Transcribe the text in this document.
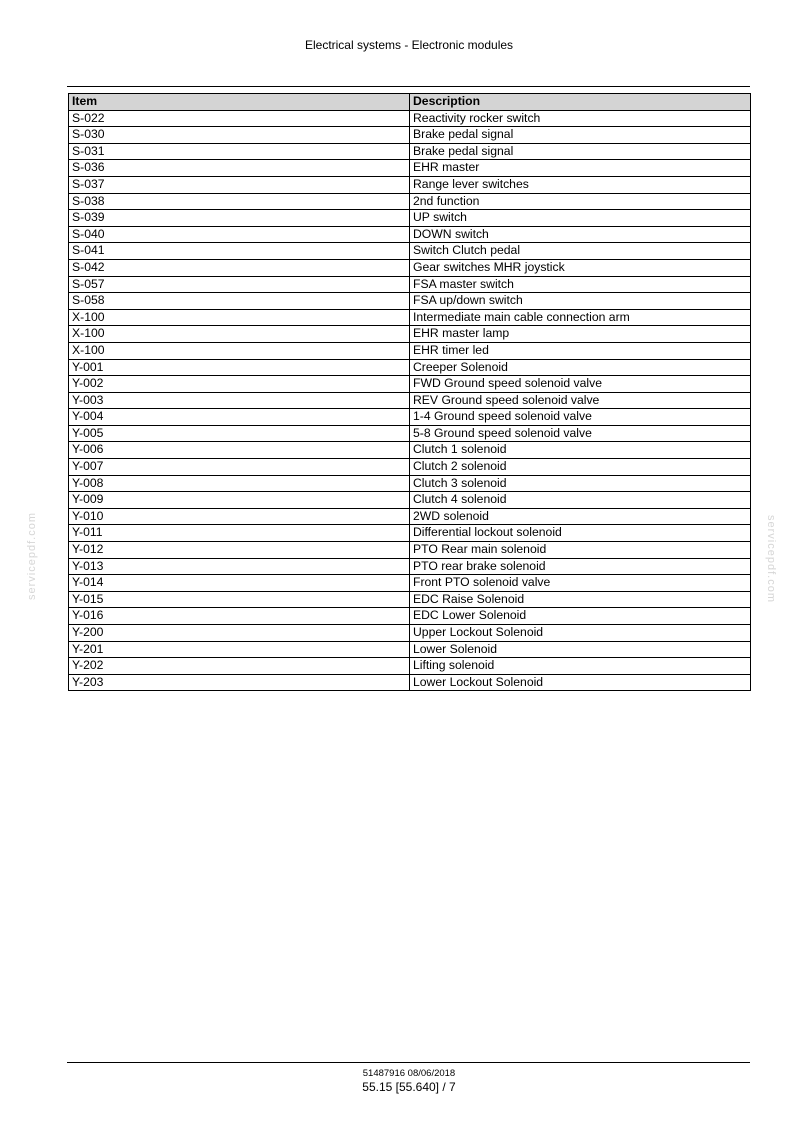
Electrical systems - Electronic modules
Item	Description
S-022	Reactivity rocker switch
S-030	Brake pedal signal
S-031	Brake pedal signal
S-036	EHR master
S-037	Range lever switches
S-038	2nd function
S-039	UP switch
S-040	DOWN switch
S-041	Switch Clutch pedal
S-042	Gear switches MHR joystick
S-057	FSA master switch
S-058	FSA up/down switch
X-100	Intermediate main cable connection arm
X-100	EHR master lamp
X-100	EHR timer led
Y-001	Creeper Solenoid
Y-002	FWD Ground speed solenoid valve
Y-003	REV Ground speed solenoid valve
Y-004	1-4 Ground speed solenoid valve
Y-005	5-8 Ground speed solenoid valve
Y-006	Clutch 1 solenoid
Y-007	Clutch 2 solenoid
Y-008	Clutch 3 solenoid
Y-009	Clutch 4 solenoid
Y-010	2WD solenoid
Y-011	Differential lockout solenoid
Y-012	PTO Rear main solenoid
Y-013	PTO rear brake solenoid
Y-014	Front PTO solenoid valve
Y-015	EDC Raise Solenoid
Y-016	EDC Lower Solenoid
Y-200	Upper Lockout Solenoid
Y-201	Lower Solenoid
Y-202	Lifting solenoid
Y-203	Lower Lockout Solenoid
servicepdf.com	servicepdf.com
51487916 08/06/2018
55.15 [55.640] / 7
